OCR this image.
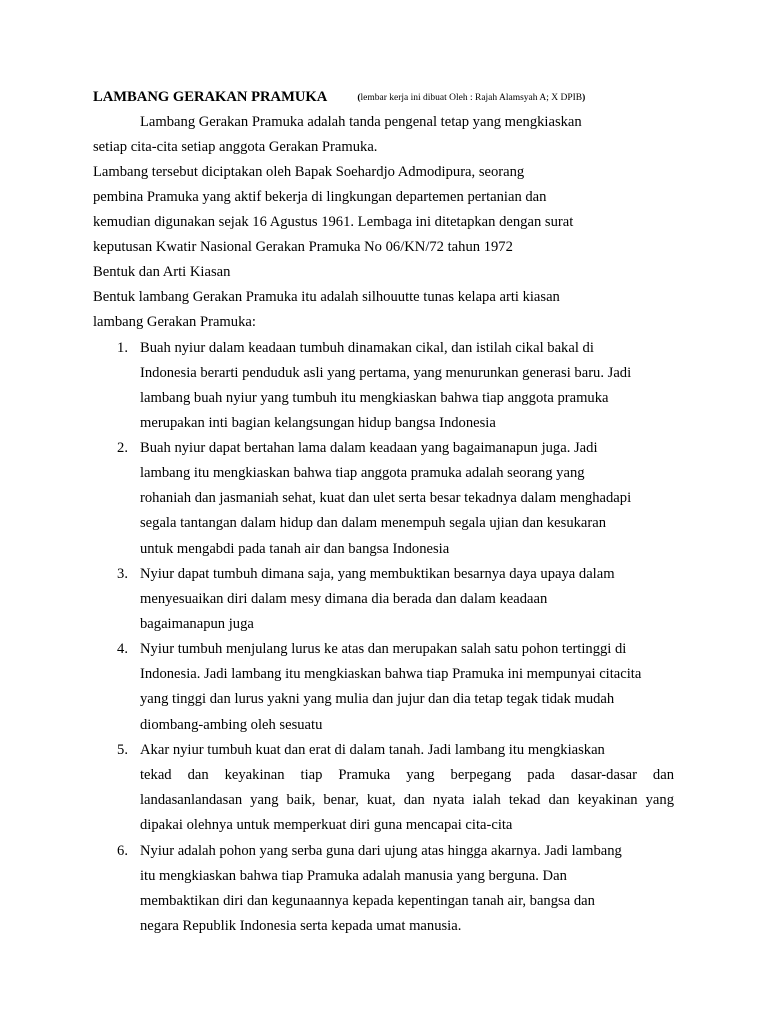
LAMBANG GERAKAN PRAMUKA	(lembar kerja ini dibuat Oleh : Rajah Alamsyah A; X DPIB)
Lambang Gerakan Pramuka adalah tanda pengenal tetap yang mengkiaskan
setiap cita-cita setiap anggota Gerakan Pramuka.
Lambang tersebut diciptakan oleh Bapak Soehardjo Admodipura, seorang
pembina Pramuka yang aktif bekerja di lingkungan departemen pertanian dan
kemudian digunakan sejak 16 Agustus 1961. Lembaga ini ditetapkan dengan surat
keputusan Kwatir Nasional Gerakan Pramuka No 06/KN/72 tahun 1972
Bentuk dan Arti Kiasan
Bentuk lambang Gerakan Pramuka itu adalah silhouutte tunas kelapa arti kiasan
lambang Gerakan Pramuka:
1. Buah nyiur dalam keadaan tumbuh dinamakan cikal, dan istilah cikal bakal di
Indonesia berarti penduduk asli yang pertama, yang menurunkan generasi baru. Jadi
lambang buah nyiur yang tumbuh itu mengkiaskan bahwa tiap anggota pramuka
merupakan inti bagian kelangsungan hidup bangsa Indonesia
2. Buah nyiur dapat bertahan lama dalam keadaan yang bagaimanapun juga. Jadi
lambang itu mengkiaskan bahwa tiap anggota pramuka adalah seorang yang
rohaniah dan jasmaniah sehat, kuat dan ulet serta besar tekadnya dalam menghadapi
segala tantangan dalam hidup dan dalam menempuh segala ujian dan kesukaran
untuk mengabdi pada tanah air dan bangsa Indonesia
3. Nyiur dapat tumbuh dimana saja, yang membuktikan besarnya daya upaya dalam
menyesuaikan diri dalam mesy dimana dia berada dan dalam keadaan
bagaimanapun juga
4. Nyiur tumbuh menjulang lurus ke atas dan merupakan salah satu pohon tertinggi di
Indonesia. Jadi lambang itu mengkiaskan bahwa tiap Pramuka ini mempunyai citacita
yang tinggi dan lurus yakni yang mulia dan jujur dan dia tetap tegak tidak mudah
diombang-ambing oleh sesuatu
5. Akar nyiur tumbuh kuat dan erat di dalam tanah. Jadi lambang itu mengkiaskan
tekad dan keyakinan tiap Pramuka yang berpegang pada dasar-dasar dan
landasanlandasan yang baik, benar, kuat, dan nyata ialah tekad dan keyakinan yang
dipakai olehnya untuk memperkuat diri guna mencapai cita-cita
6. Nyiur adalah pohon yang serba guna dari ujung atas hingga akarnya. Jadi lambang
itu mengkiaskan bahwa tiap Pramuka adalah manusia yang berguna. Dan
membaktikan diri dan kegunaannya kepada kepentingan tanah air, bangsa dan
negara Republik Indonesia serta kepada umat manusia.
